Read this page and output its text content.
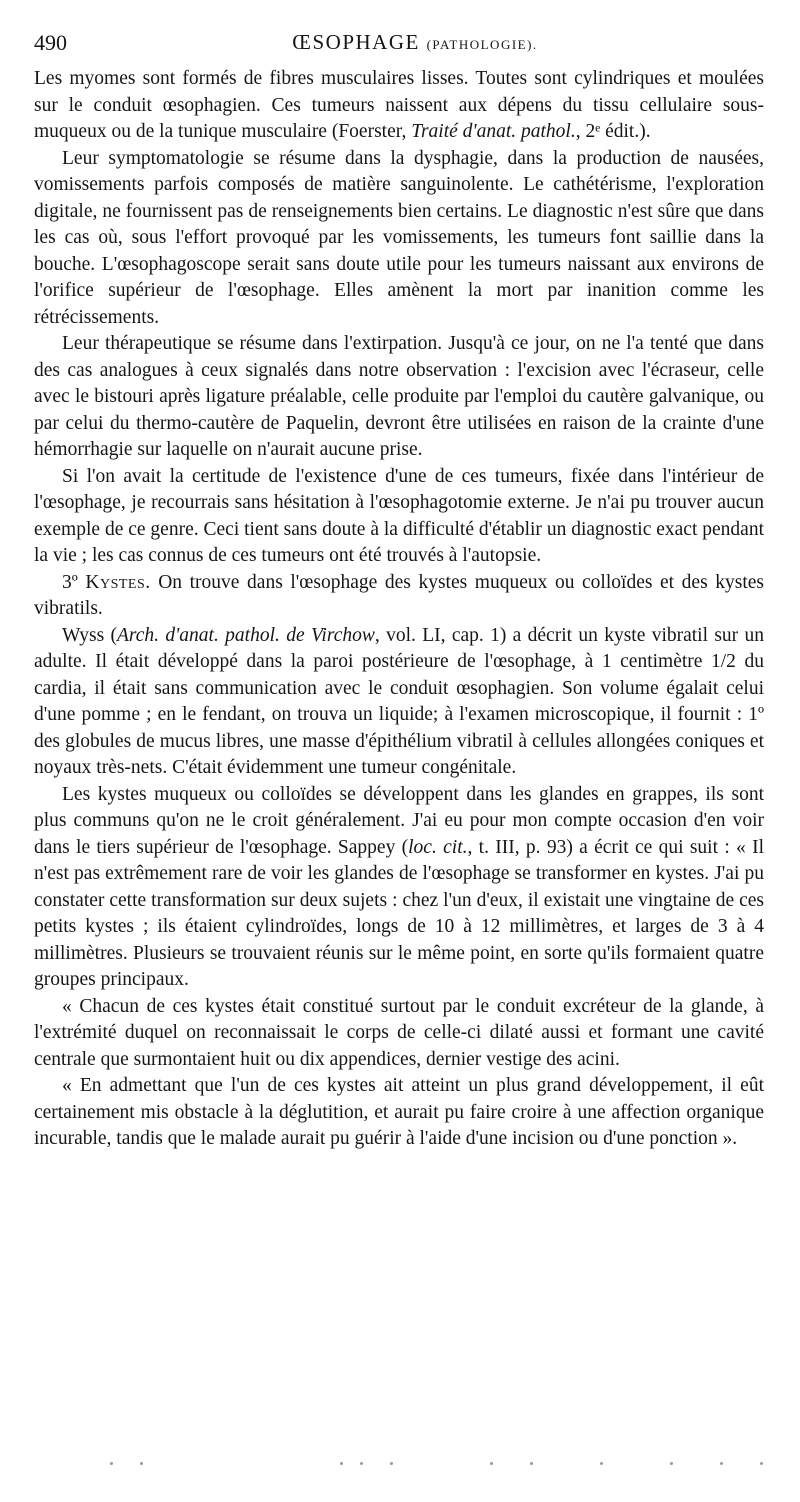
490	ŒSOPHAGE (PATHOLOGIE).

Les myomes sont formés de fibres musculaires lisses. Toutes sont cylindriques et moulées sur le conduit œsophagien. Ces tumeurs naissent aux dépens du tissu cellulaire sous-muqueux ou de la tunique musculaire (Foerster, Traité d'anat. pathol., 2ᵉ édit.).

Leur symptomatologie se résume dans la dysphagie, dans la production de nausées, vomissements parfois composés de matière sanguinolente. Le cathétérisme, l'exploration digitale, ne fournissent pas de renseignements bien certains. Le diagnostic n'est sûre que dans les cas où, sous l'effort provoqué par les vomissements, les tumeurs font saillie dans la bouche. L'œsophagoscope serait sans doute utile pour les tumeurs naissant aux environs de l'orifice supérieur de l'œsophage. Elles amènent la mort par inanition comme les rétrécissements.

Leur thérapeutique se résume dans l'extirpation. Jusqu'à ce jour, on ne l'a tenté que dans des cas analogues à ceux signalés dans notre observation : l'excision avec l'écraseur, celle avec le bistouri après ligature préalable, celle produite par l'emploi du cautère galvanique, ou par celui du thermo-cautère de Paquelin, devront être utilisées en raison de la crainte d'une hémorrhagie sur laquelle on n'aurait aucune prise.

Si l'on avait la certitude de l'existence d'une de ces tumeurs, fixée dans l'intérieur de l'œsophage, je recourrais sans hésitation à l'œsophagotomie externe. Je n'ai pu trouver aucun exemple de ce genre. Ceci tient sans doute à la difficulté d'établir un diagnostic exact pendant la vie ; les cas connus de ces tumeurs ont été trouvés à l'autopsie.

3º Kystes. On trouve dans l'œsophage des kystes muqueux ou colloïdes et des kystes vibratils.

Wyss (Arch. d'anat. pathol. de Virchow, vol. LI, cap. 1) a décrit un kyste vibratil sur un adulte. Il était développé dans la paroi postérieure de l'œsophage, à 1 centimètre 1/2 du cardia, il était sans communication avec le conduit œsophagien. Son volume égalait celui d'une pomme ; en le fendant, on trouva un liquide; à l'examen microscopique, il fournit : 1º des globules de mucus libres, une masse d'épithélium vibratil à cellules allongées coniques et noyaux très-nets. C'était évidemment une tumeur congénitale.

Les kystes muqueux ou colloïdes se développent dans les glandes en grappes, ils sont plus communs qu'on ne le croit généralement. J'ai eu pour mon compte occasion d'en voir dans le tiers supérieur de l'œsophage. Sappey (loc. cit., t. III, p. 93) a écrit ce qui suit : « Il n'est pas extrêmement rare de voir les glandes de l'œsophage se transformer en kystes. J'ai pu constater cette transformation sur deux sujets : chez l'un d'eux, il existait une vingtaine de ces petits kystes ; ils étaient cylindroïdes, longs de 10 à 12 millimètres, et larges de 3 à 4 millimètres. Plusieurs se trouvaient réunis sur le même point, en sorte qu'ils formaient quatre groupes principaux.

« Chacun de ces kystes était constitué surtout par le conduit excréteur de la glande, à l'extrémité duquel on reconnaissait le corps de celle-ci dilaté aussi et formant une cavité centrale que surmontaient huit ou dix appendices, dernier vestige des acini.

« En admettant que l'un de ces kystes ait atteint un plus grand développement, il eût certainement mis obstacle à la déglutition, et aurait pu faire croire à une affection organique incurable, tandis que le malade aurait pu guérir à l'aide d'une incision ou d'une ponction ».
